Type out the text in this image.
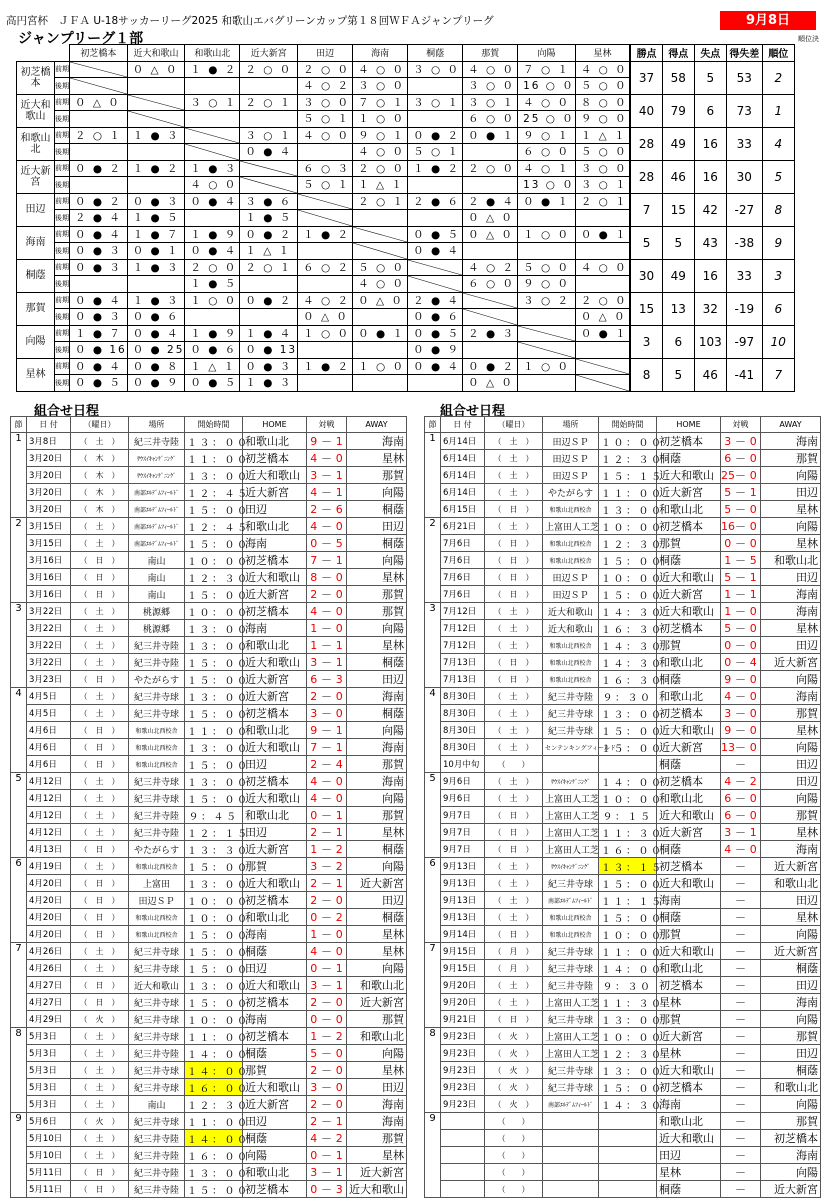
高円宮杯　ＪＦＡ U-18サッカーリーグ2025 和歌山エバグリーンカップ第１８回ＷＦＡジャンプリーグ	9月8日
ジャンプリーグ１部	順位決
		初芝橋本	近大和歌山	和歌山北	近大新宮	田辺	海南	桐蔭	那賀	向陽	星林	勝点	得点	失点	得失差	順位
初芝橋本	前期		０ △ ０	１ ● ２	２ ○ ０	２ ○ ０	４ ○ ０	３ ○ ０	４ ○ ０	７ ○ １	４ ○ ０	37	58	5	53	2
	後期					４ ○ ２	３ ○ ０		３ ○ ０	16 ○ ０	５ ○ ０					
近大和歌山	前期	０ △ ０		３ ○ １	２ ○ １	３ ○ ０	７ ○ １	３ ○ １	３ ○ １	４ ○ ０	８ ○ ０	40	79	6	73	1
	後期					５ ○ １	１ ○ ０		６ ○ ０	25 ○ ０	９ ○ ０					
和歌山北	前期	２ ○ １	１ ● ３		３ ○ １	４ ○ ０	９ ○ １	０ ● ２	０ ● １	９ ○ １	１ △ １	28	49	16	33	4
	後期				０ ● ４		４ ○ ０	５ ○ １		６ ○ ０	５ ○ ０					
近大新宮	前期	０ ● ２	１ ● ２	１ ● ３		６ ○ ３	２ ○ ０	１ ● ２	２ ○ ０	４ ○ １	３ ○ ０	28	46	16	30	5
	後期			４ ○ ０		５ ○ １	１ △ １			13 ○ ０	３ ○ １					
田辺	前期	０ ● ２	０ ● ３	０ ● ４	３ ● ６		２ ○ １	２ ● ６	２ ● ４	０ ● １	２ ○ １	7	15	42	-27	8
	後期	２ ● ４	１ ● ５		１ ● ５				０ △ ０							
海南	前期	０ ● ４	１ ● ７	１ ● ９	０ ● ２	１ ● ２		０ ● ５	０ △ ０	１ ○ ０	０ ● １	5	5	43	-38	9
	後期	０ ● ３	０ ● １	０ ● ４	１ △ １			０ ● ４								
桐蔭	前期	０ ● ３	１ ● ３	２ ○ ０	２ ○ １	６ ○ ２	５ ○ ０		４ ○ ２	５ ○ ０	４ ○ ０	30	49	16	33	3
	後期			１ ● ５			４ ○ ０		６ ○ ０	９ ○ ０						
那賀	前期	０ ● ４	１ ● ３	１ ○ ０	０ ● ２	４ ○ ２	０ △ ０	２ ● ４		３ ○ ２	２ ○ ０	15	13	32	-19	6
	後期	０ ● ３	０ ● ６			０ △ ０		０ ● ６			０ △ ０					
向陽	前期	１ ● ７	０ ● ４	１ ● ９	１ ● ４	１ ○ ０	０ ● １	０ ● ５	２ ● ３		０ ● １	3	6	103	-97	10
	後期	０ ● 16	０ ● 25	０ ● ６	０ ● 13			０ ● ９								
星林	前期	０ ● ４	０ ● ８	１ △ １	０ ● ３	１ ● ２	１ ○ ０	０ ● ４	０ ● ２	１ ○ ０		8	5	46	-41	7
	後期	０ ● ５	０ ● ９	０ ● ５	１ ● ３				０ △ ０							
組合せ日程	組合せ日程
節	日 付	（曜日）	場所	開始時間	HOME	対戦			AWAY
1	3月8日	（　土　）	紀三井寺陸	１３：００	和歌山北	9	－	1	海南
	3月20日	（　木　）	ｻｳｽｲｷｬﾝｹﾞﾆﾝｸﾞ	１１：００	初芝橋本	4	－	0	星林
	3月20日	（　木　）	ｻｳｽｲｷｬﾝｹﾞﾆﾝｸﾞ	１３：００	近大和歌山	3	－	1	那賀
	3月20日	（　木　）	南部ｴﾙﾃﾞﾑﾌｨｰﾙﾄﾞ	１２：４５	近大新宮	4	－	1	向陽
	3月20日	（　木　）	南部ｴﾙﾃﾞﾑﾌｨｰﾙﾄﾞ	１５：００	田辺	2	－	6	桐蔭
2	3月15日	（　土　）	南部ｴﾙﾃﾞﾑﾌｨｰﾙﾄﾞ	１２：４５	和歌山北	4	－	0	田辺
	3月15日	（　土　）	南部ｴﾙﾃﾞﾑﾌｨｰﾙﾄﾞ	１５：００	海南	0	－	5	桐蔭
	3月16日	（　日　）	南山	１０：００	初芝橋本	7	－	1	向陽
	3月16日	（　日　）	南山	１２：３０	近大和歌山	8	－	0	星林
	3月16日	（　日　）	南山	１５：００	近大新宮	2	－	0	那賀
3	3月22日	（　土　）	桃源郷	１０：００	初芝橋本	4	－	0	那賀
	3月22日	（　土　）	桃源郷	１３：００	海南	1	－	0	向陽
	3月22日	（　土　）	紀三井寺陸	１３：００	和歌山北	1	－	1	星林
	3月22日	（　土　）	紀三井寺陸	１５：００	近大和歌山	3	－	1	桐蔭
	3月23日	（　日　）	やたがらす	１５：００	近大新宮	6	－	3	田辺
4	4月5日	（　土　）	紀三井寺球	１３：００	近大新宮	2	－	0	海南
	4月5日	（　土　）	紀三井寺球	１５：００	初芝橋本	3	－	0	桐蔭
	4月6日	（　日　）	和歌山北西校舎	１１：００	和歌山北	9	－	1	向陽
	4月6日	（　日　）	和歌山北西校舎	１３：００	近大和歌山	7	－	1	海南
	4月6日	（　日　）	和歌山北西校舎	１５：００	田辺	2	－	4	那賀
5	4月12日	（　土　）	紀三井寺球	１３：００	初芝橋本	4	－	0	海南
	4月12日	（　土　）	紀三井寺球	１５：００	近大和歌山	4	－	0	向陽
	4月12日	（　土　）	紀三井寺陸	９：４５	和歌山北	0	－	1	那賀
	4月12日	（　土　）	紀三井寺陸	１２：１５	田辺	2	－	1	星林
	4月13日	（　日　）	やたがらす	１３：３０	近大新宮	1	－	2	桐蔭
6	4月19日	（　土　）	和歌山北西校舎	１５：００	那賀	3	－	2	向陽
	4月20日	（　日　）	上富田	１３：００	近大和歌山	2	－	1	近大新宮
	4月20日	（　日　）	田辺ＳＰ	１０：００	初芝橋本	2	－	0	田辺
	4月20日	（　日　）	和歌山北西校舎	１０：００	和歌山北	0	－	2	桐蔭
	4月20日	（　日　）	和歌山北西校舎	１５：００	海南	1	－	0	星林
7	4月26日	（　土　）	紀三井寺球	１５：００	桐蔭	4	－	0	星林
	4月26日	（　土　）	紀三井寺球	１５：００	田辺	0	－	1	向陽
	4月27日	（　日　）	近大和歌山	１３：００	近大和歌山	3	－	1	和歌山北
	4月27日	（　日　）	紀三井寺球	１５：００	初芝橋本	2	－	0	近大新宮
	4月29日	（　火　）	紀三井寺球	１０：００	海南	0	－	0	那賀
8	5月3日	（　土　）	紀三井寺球	１１：００	初芝橋本	1	－	2	和歌山北
	5月3日	（　土　）	紀三井寺陸	１４：００	桐蔭	5	－	0	向陽
	5月3日	（　土　）	紀三井寺球	１４：００	那賀	2	－	0	星林
	5月3日	（　土　）	紀三井寺球	１６：００	近大和歌山	3	－	0	田辺
	5月3日	（　土　）	南山	１２：３０	近大新宮	2	－	0	海南
9	5月6日	（　火　）	紀三井寺球	１１：００	田辺	2	－	1	海南
	5月10日	（　土　）	紀三井寺陸	１４：００	桐蔭	4	－	2	那賀
	5月10日	（　土　）	紀三井寺陸	１６：００	向陽	0	－	1	星林
	5月11日	（　日　）	紀三井寺陸	１３：００	和歌山北	3	－	1	近大新宮
	5月11日	（　日　）	紀三井寺陸	１５：００	初芝橋本	0	－	3	近大和歌山
節	日 付	（曜日）	場所	開始時間	HOME	対戦			AWAY
1	6月14日	（　土　）	田辺ＳＰ	１０：００	初芝橋本	3	－	0	海南
	6月14日	（　土　）	田辺ＳＰ	１２：３０	桐蔭	6	－	0	那賀
	6月14日	（　土　）	田辺ＳＰ	１５：１５	近大和歌山	25	－	0	向陽
	6月14日	（　土　）	やたがらす	１１：００	近大新宮	5	－	1	田辺
	6月15日	（　日　）	和歌山北西校舎	１３：００	和歌山北	5	－	0	星林
2	6月21日	（　土　）	上富田人工芝	１０：００	初芝橋本	16	－	0	向陽
	7月6日	（　日　）	和歌山北西校舎	１２：３０	那賀	0	－	0	星林
	7月6日	（　日　）	和歌山北西校舎	１５：００	桐蔭	1	－	5	和歌山北
	7月6日	（　日　）	田辺ＳＰ	１０：００	近大和歌山	5	－	1	田辺
	7月6日	（　日　）	田辺ＳＰ	１５：００	近大新宮	1	－	1	海南
3	7月12日	（　土　）	近大和歌山	１４：３０	近大和歌山	1	－	0	海南
	7月12日	（　土　）	近大和歌山	１６：３０	初芝橋本	5	－	0	星林
	7月12日	（　土　）	和歌山北西校舎	１４：３０	那賀	0	－	0	田辺
	7月13日	（　日　）	和歌山北西校舎	１４：３０	和歌山北	0	－	4	近大新宮
	7月13日	（　日　）	和歌山北西校舎	１６：３０	桐蔭	9	－	0	向陽
4	8月30日	（　土　）	紀三井寺陸	９：３０	和歌山北	4	－	0	海南
	8月30日	（　土　）	紀三井寺球	１３：００	初芝橋本	3	－	0	那賀
	8月30日	（　土　）	紀三井寺球	１５：００	近大和歌山	9	－	0	星林
	8月30日	（　土　）	センテンキングフィールド	１５：００	近大新宮	13	－	0	向陽
	10月中旬	（　　）			桐蔭		－		田辺
5	9月6日	（　土　）	ｻｳｽｲｷｬﾝｹﾞﾆﾝｸﾞ	１４：００	初芝橋本	4	－	2	田辺
	9月6日	（　土　）	上富田人工芝	１０：００	和歌山北	6	－	0	向陽
	9月7日	（　日　）	上富田人工芝	９：１５	近大和歌山	6	－	0	那賀
	9月7日	（　日　）	上富田人工芝	１１：３０	近大新宮	3	－	1	星林
	9月7日	（　日　）	上富田人工芝	１６：００	桐蔭	4	－	0	海南
6	9月13日	（　土　）	ｻｳｽｲｷｬﾝｹﾞﾆﾝｸﾞ	１３：１５	初芝橋本		－		近大新宮
	9月13日	（　土　）	紀三井寺球	１５：００	近大和歌山		－		和歌山北
	9月13日	（　土　）	南部ｴﾙﾃﾞﾑﾌｨｰﾙﾄﾞ	１１：１５	海南		－		田辺
	9月13日	（　土　）	和歌山北西校舎	１５：００	桐蔭		－		星林
	9月14日	（　日　）	和歌山北西校舎	１０：００	那賀		－		向陽
7	9月15日	（　月　）	紀三井寺球	１１：００	近大和歌山		－		近大新宮
	9月15日	（　月　）	紀三井寺球	１４：００	和歌山北		－		桐蔭
	9月20日	（　土　）	紀三井寺陸	９：３０	初芝橋本		－		田辺
	9月20日	（　土　）	上富田人工芝	１１：３０	星林		－		海南
	9月21日	（　日　）	紀三井寺球	１３：００	那賀		－		向陽
8	9月23日	（　火　）	上富田人工芝	１０：００	近大新宮		－		那賀
	9月23日	（　火　）	上富田人工芝	１２：３０	星林		－		田辺
	9月23日	（　火　）	紀三井寺球	１３：００	近大和歌山		－		桐蔭
	9月23日	（　火　）	紀三井寺球	１５：００	初芝橋本		－		和歌山北
	9月23日	（　火　）	南部ｴﾙﾃﾞﾑﾌｨｰﾙﾄﾞ	１４：３０	海南		－		向陽
9		（　　）			和歌山北		－		那賀
		（　　）			近大和歌山		－		初芝橋本
		（　　）			田辺		－		海南
		（　　）			星林		－		向陽
		（　　）			桐蔭		－		近大新宮
